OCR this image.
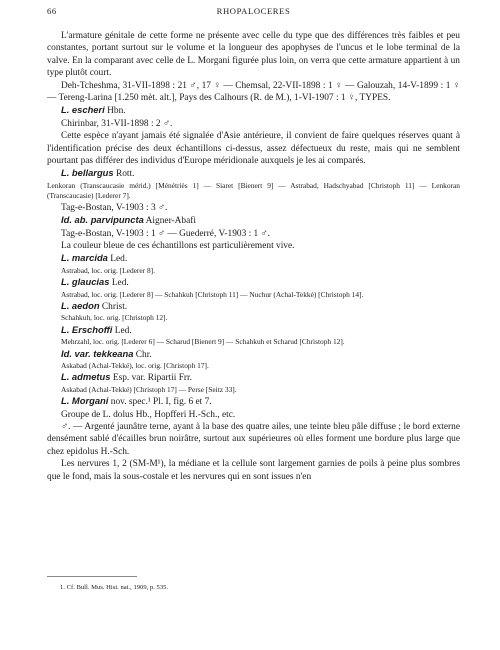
66	RHOPALOCERES

L'armature génitale de cette forme ne présente avec celle du type que des différences très faibles et peu constantes, portant surtout sur le volume et la longueur des apophyses de l'uncus et le lobe terminal de la valve. En la comparant avec celle de L. Morgani figurée plus loin, on verra que cette armature appartient à un type plutôt court.

Deh-Tcheshma, 31-VII-1898 : 21 ♂, 17 ♀ — Chemsal, 22-VII-1898 : 1 ♀ — Galouzah, 14-V-1899 : 1 ♀ — Tereng-Larina [1.250 mèt. alt.], Pays des Calhours (R. de M.), 1-VI-1907 : 1 ♀, TYPES.

L. escheri Hbn.

Chirinbar, 31-VII-1898 : 2 ♂.

Cette espèce n'ayant jamais été signalée d'Asie antérieure, il convient de faire quelques réserves quant à l'identification précise des deux échantillons ci-dessus, assez défectueux du reste, mais qui ne semblent pourtant pas différer des individus d'Europe méridionale auxquels je les ai comparés.

L. bellargus Rott.

Lenkoran (Transcaucasie mérid.) [Ménétriès 1] — Siaret [Bienert 9] — Astrabad, Hadschyabad [Christoph 11] — Lenkoran (Transcaucasie) [Lederer 7].

Tag-e-Bostan, V-1903 : 3 ♂.

Id. ab. parvipuncta Aigner-Abafi

Tag-e-Bostan, V-1903 : 1 ♂ — Guederré, V-1903 : 1 ♂.

La couleur bleue de ces échantillons est particulièrement vive.

L. marcida Led.

Astrabad, loc. orig. [Lederer 8].

L. glaucias Led.

Astrabad, loc. orig. [Lederer 8] — Schahkuh [Christoph 11] — Nuchur (Achal-Tekké) [Christoph 14].

L. aedon Christ.

Schahkuh, loc. orig. [Christoph 12].

L. Erschoffi Led.

Mehrzahl, loc. orig. [Lederer 6] — Scharud [Bienert 9] — Schahkuh et Scharud [Christoph 12].

Id. var. tekkeana Chr.

Askabad (Achal-Tekké), loc. orig. [Christoph 17].

L. admetus Esp. var. Ripartii Frr.

Askabad (Achal-Tekké) [Christoph 17] — Perse [Seitz 33].

L. Morgani nov. spec.¹ Pl. I, fig. 6 et 7.

Groupe de L. dolus Hb., Hopfferi H.-Sch., etc.

♂. — Argenté jaunâtre terne, ayant à la base des quatre ailes, une teinte bleu pâle diffuse ; le bord externe densément sablé d'écailles brun noirâtre, surtout aux supérieures où elles forment une bordure plus large que chez epidolus H.-Sch.

Les nervures 1, 2 (SM-M¹), la médiane et la cellule sont largement garnies de poils à peine plus sombres que le fond, mais la sous-costale et les nervures qui en sont issues n'en

1. Cf. Bull. Mus. Hist. nat., 1909, p. 535.
